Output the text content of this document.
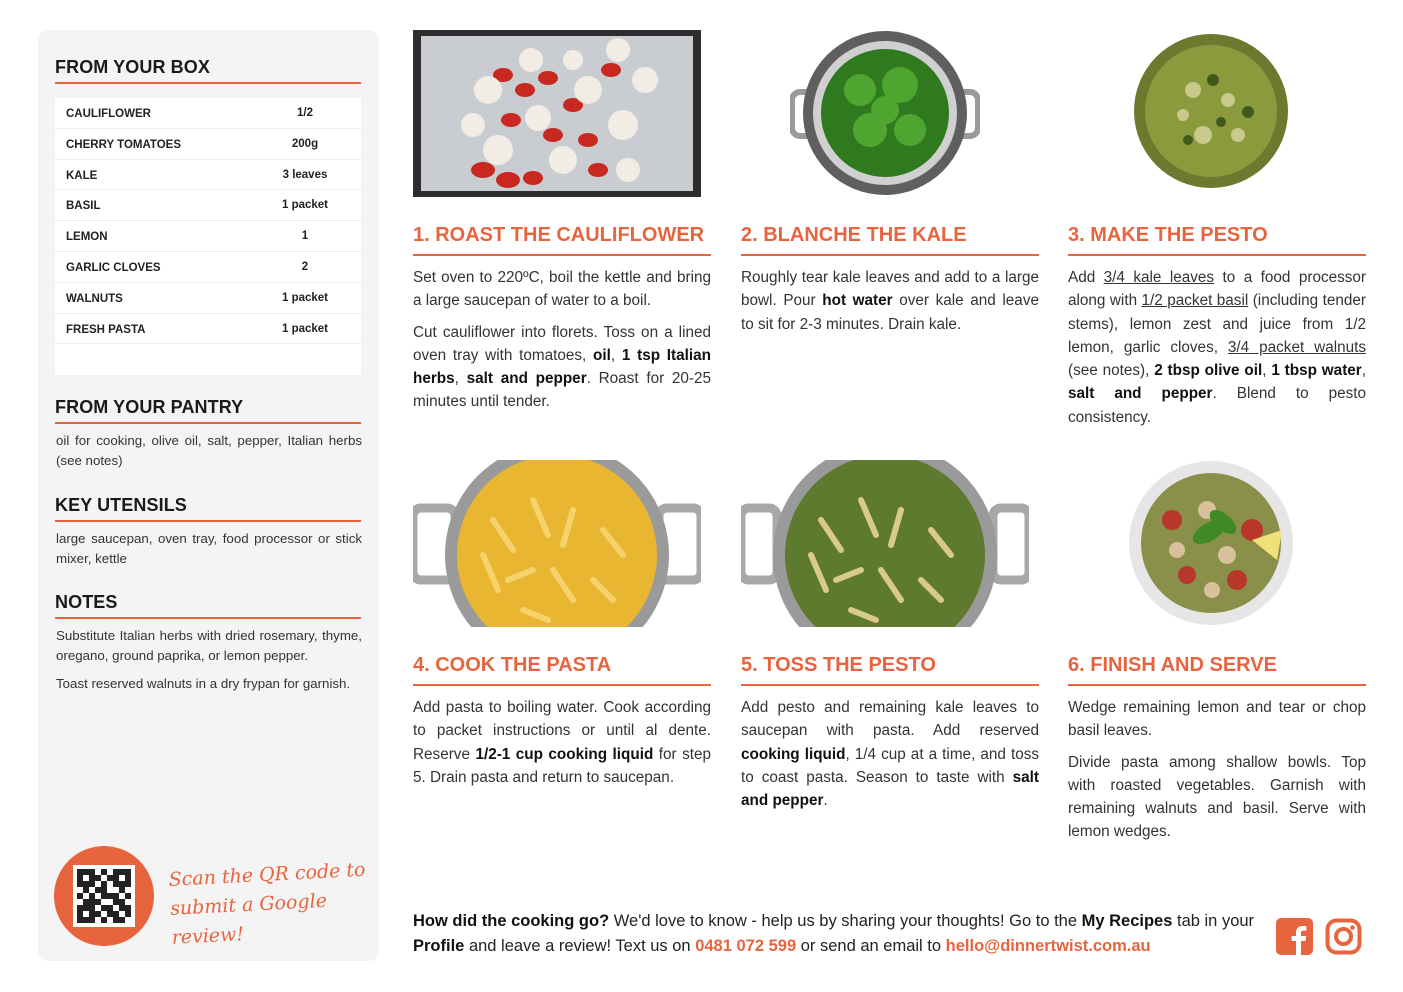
FROM YOUR BOX
CAULIFLOWER	1/2
CHERRY TOMATOES	200g
KALE	3 leaves
BASIL	1 packet
LEMON	1
GARLIC CLOVES	2
WALNUTS	1 packet
FRESH PASTA	1 packet
FROM YOUR PANTRY

oil for cooking, olive oil, salt, pepper, Italian herbs (see notes)

KEY UTENSILS

large saucepan, oven tray, food processor or stick mixer, kettle

NOTES

Substitute Italian herbs with dried rosemary, thyme, oregano, ground paprika, or lemon pepper.

Toast reserved walnuts in a dry frypan for garnish.

Scan the QR code to
submit a Google review!
1. ROAST THE CAULIFLOWER

Set oven to 220ºC, boil the kettle and bring a large saucepan of water to a boil.

Cut cauliflower into florets. Toss on a lined oven tray with tomatoes, oil, 1 tsp Italian herbs, salt and pepper. Roast for 20-25 minutes until tender.

2. BLANCHE THE KALE

Roughly tear kale leaves and add to a large bowl. Pour hot water over kale and leave to sit for 2-3 minutes. Drain kale.

3. MAKE THE PESTO

Add 3/4 kale leaves to a food processor along with 1/2 packet basil (including tender stems), lemon zest and juice from 1/2 lemon, garlic cloves, 3/4 packet walnuts (see notes), 2 tbsp olive oil, 1 tbsp water, salt and pepper. Blend to pesto consistency.

4. COOK THE PASTA

Add pasta to boiling water. Cook according to packet instructions or until al dente. Reserve 1/2-1 cup cooking liquid for step 5. Drain pasta and return to saucepan.

5. TOSS THE PESTO

Add pesto and remaining kale leaves to saucepan with pasta. Add reserved cooking liquid, 1/4 cup at a time, and toss to coast pasta. Season to taste with salt and pepper.

6. FINISH AND SERVE

Wedge remaining lemon and tear or chop basil leaves.

Divide pasta among shallow bowls. Top with roasted vegetables. Garnish with remaining walnuts and basil. Serve with lemon wedges.

How did the cooking go? We'd love to know - help us by sharing your thoughts! Go to the My Recipes tab in your Profile and leave a review! Text us on 0481 072 599 or send an email to hello@dinnertwist.com.au
